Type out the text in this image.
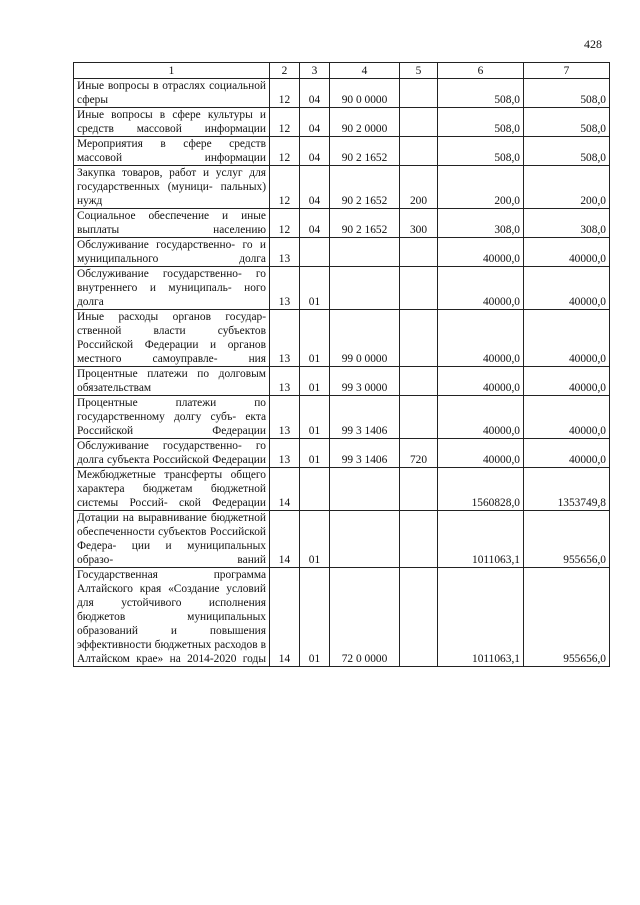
428
1	2	3	4	5	6	7
Иные вопросы в отраслях социальной сферы	12	04	90 0 0000		508,0	508,0
Иные вопросы в сфере культуры и средств массовой информации	12	04	90 2 0000		508,0	508,0
Мероприятия в сфере средств массовой информации	12	04	90 2 1652		508,0	508,0
Закупка товаров, работ и услуг для государственных (муници- пальных) нужд	12	04	90 2 1652	200	200,0	200,0
Социальное обеспечение и иные выплаты населению	12	04	90 2 1652	300	308,0	308,0
Обслуживание государственно- го и муниципального долга	13				40000,0	40000,0
Обслуживание государственно- го внутреннего и муниципаль- ного долга	13	01			40000,0	40000,0
Иные расходы органов государ- ственной власти субъектов Российской Федерации и органов местного самоуправле- ния	13	01	99 0 0000		40000,0	40000,0
Процентные платежи по долговым обязательствам	13	01	99 3 0000		40000,0	40000,0
Процентные платежи по государственному долгу субъ- екта Российской Федерации	13	01	99 3 1406		40000,0	40000,0
Обслуживание государственно- го долга субъекта Российской Федерации	13	01	99 3 1406	720	40000,0	40000,0
Межбюджетные трансферты общего характера бюджетам бюджетной системы Россий- ской Федерации	14				1560828,0	1353749,8
Дотации на выравнивание бюджетной обеспеченности субъектов Российской Федера- ции и муниципальных образо- ваний	14	01			1011063,1	955656,0
Государственная программа Алтайского края «Создание условий для устойчивого исполнения бюджетов муниципальных образований и повышения эффективности бюджетных расходов в Алтайском крае» на 2014-2020 годы	14	01	72 0 0000		1011063,1	955656,0
